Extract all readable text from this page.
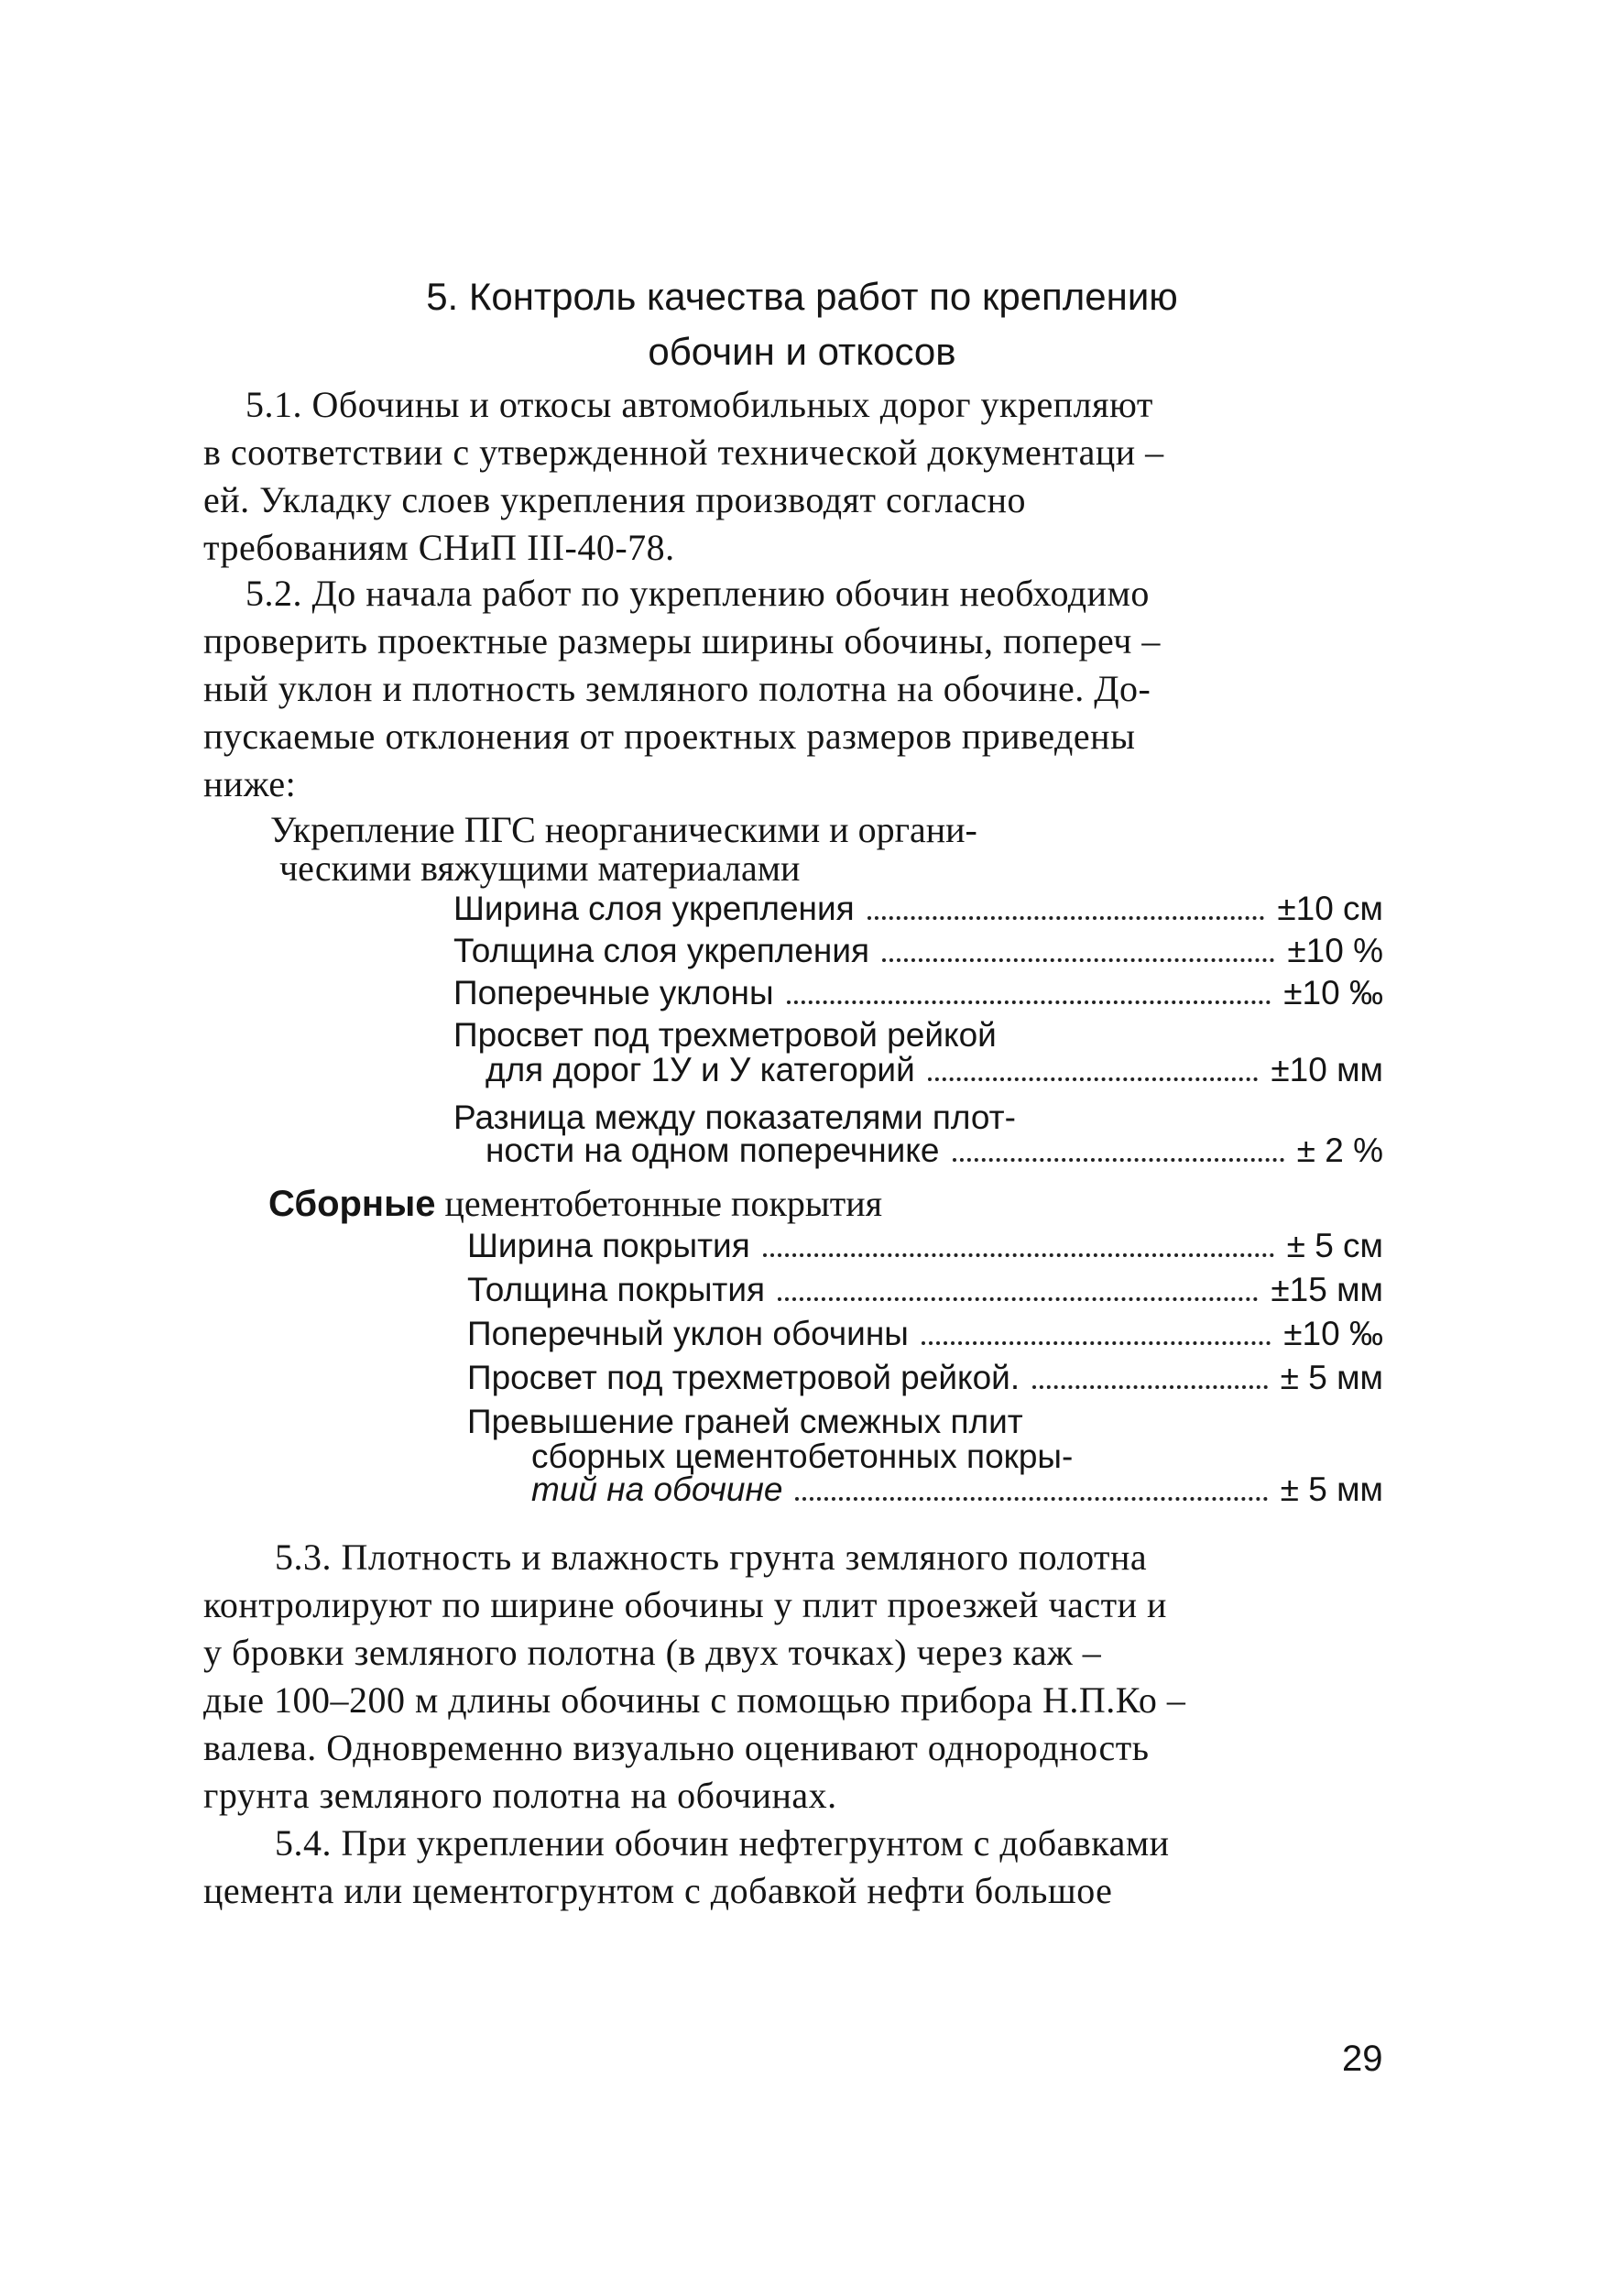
5. Контроль качества работ по креплению
обочин и откосов
5.1. Обочины и откосы автомобильных дорог укрепляют
в соответствии с утвержденной технической документаци –
ей. Укладку слоев укрепления производят согласно
требованиям СНиП III-40-78.
5.2. До начала работ по укреплению обочин необходимо
проверить проектные размеры ширины обочины, попереч –
ный уклон и плотность земляного полотна на обочине. До-
пускаемые отклонения от проектных размеров приведены
ниже:
Укрепление ПГС неорганическими и органи-
ческими вяжущими материалами
Ширина слоя укрепления	±10 см
Толщина слоя укрепления	±10 %
Поперечные уклоны	±10 ‰
Просвет под трехметровой рейкой
для дорог 1У и У категорий	±10 мм
Разница между показателями плот-
ности на одном поперечнике	± 2 %
Сборные цементобетонные покрытия
Ширина покрытия	± 5 см
Толщина покрытия	±15 мм
Поперечный уклон обочины	±10 ‰
Просвет под трехметровой рейкой.	± 5 мм
Превышение граней смежных плит
сборных цементобетонных покры-
тий на обочине	± 5 мм
5.3. Плотность и влажность грунта земляного полотна
контролируют по ширине обочины у плит проезжей части и
у бровки земляного полотна (в двух точках) через каж –
дые 100–200 м длины обочины с помощью прибора Н.П.Ко –
валева. Одновременно визуально оценивают однородность
грунта земляного полотна на обочинах.
5.4. При укреплении обочин нефтегрунтом с добавками
цемента или цементогрунтом с добавкой нефти большое
29
